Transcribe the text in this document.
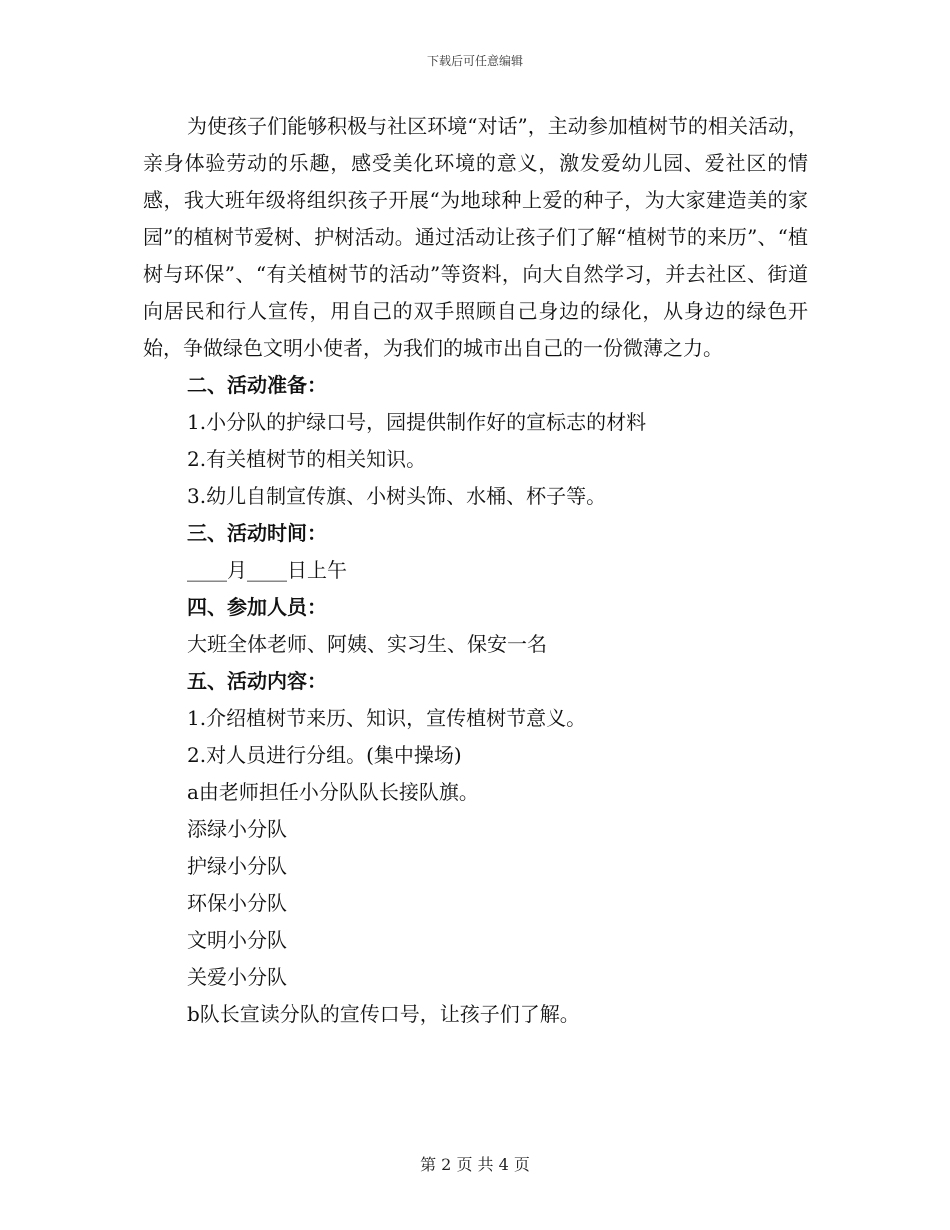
下载后可任意编辑

为使孩子们能够积极与社区环境“对话”，主动参加植树节的相关活动，亲身体验劳动的乐趣，感受美化环境的意义，激发爱幼儿园、爱社区的情感，我大班年级将组织孩子开展“为地球种上爱的种子，为大家建造美的家园”的植树节爱树、护树活动。通过活动让孩子们了解“植树节的来历”、“植树与环保”、“有关植树节的活动”等资料，向大自然学习，并去社区、街道向居民和行人宣传，用自己的双手照顾自己身边的绿化，从身边的绿色开始，争做绿色文明小使者，为我们的城市出自己的一份微薄之力。

二、活动准备：

1.小分队的护绿口号，园提供制作好的宣标志的材料

2.有关植树节的相关知识。

3.幼儿自制宣传旗、小树头饰、水桶、杯子等。

三、活动时间：

____月____日上午

四、参加人员：

大班全体老师、阿姨、实习生、保安一名

五、活动内容：

1.介绍植树节来历、知识，宣传植树节意义。

2.对人员进行分组。(集中操场)

a由老师担任小分队队长接队旗。

添绿小分队

护绿小分队

环保小分队

文明小分队

关爱小分队

b队长宣读分队的宣传口号，让孩子们了解。

第 2 页 共 4 页
